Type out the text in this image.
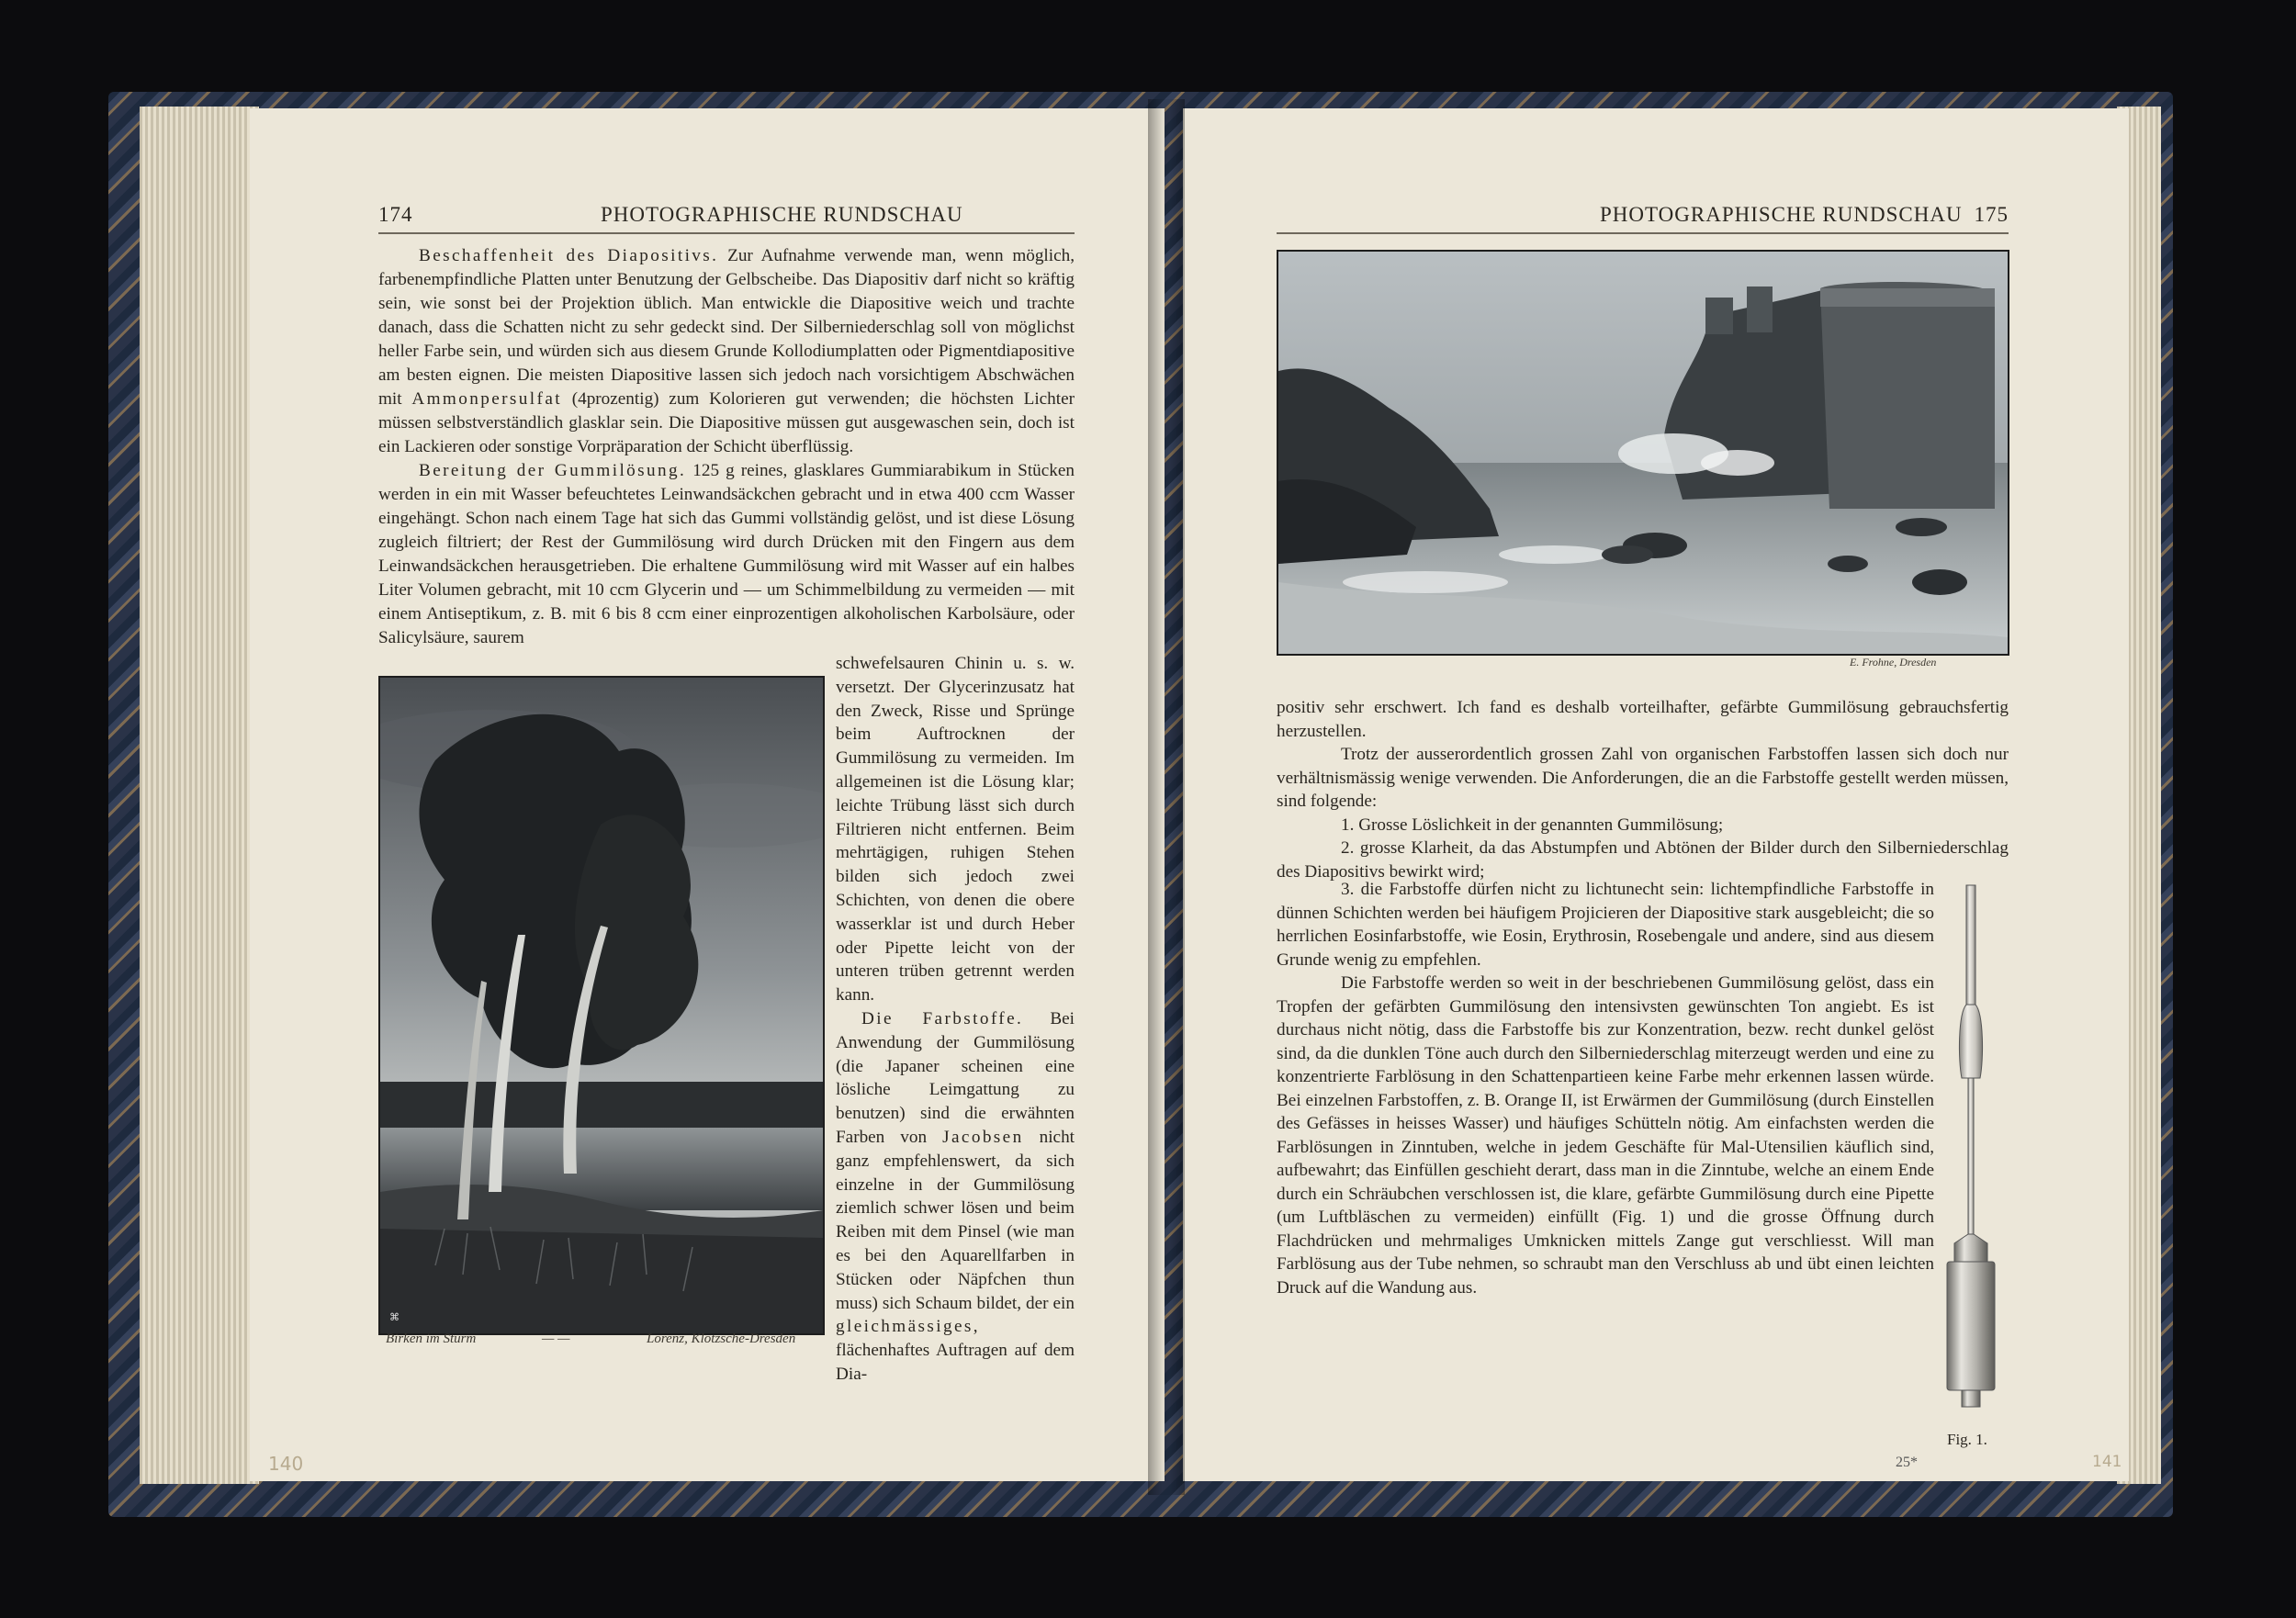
174	PHOTOGRAPHISCHE RUNDSCHAU

Beschaffenheit des Diapositivs. Zur Aufnahme verwende man, wenn möglich, farbenempfindliche Platten unter Benutzung der Gelbscheibe. Das Diapositiv darf nicht so kräftig sein, wie sonst bei der Projektion üblich. Man entwickle die Diapositive weich und trachte danach, dass die Schatten nicht zu sehr gedeckt sind. Der Silberniederschlag soll von möglichst heller Farbe sein, und würden sich aus diesem Grunde Kollodiumplatten oder Pigmentdiapositive am besten eignen. Die meisten Diapositive lassen sich jedoch nach vorsichtigem Abschwächen mit Ammonpersulfat (4prozentig) zum Kolorieren gut verwenden; die höchsten Lichter müssen selbstverständlich glasklar sein. Die Diapositive müssen gut ausgewaschen sein, doch ist ein Lackieren oder sonstige Vorpräparation der Schicht überflüssig.

Bereitung der Gummilösung. 125 g reines, glasklares Gummiarabikum in Stücken werden in ein mit Wasser befeuchtetes Leinwandsäckchen gebracht und in etwa 400 ccm Wasser eingehängt. Schon nach einem Tage hat sich das Gummi vollständig gelöst, und ist diese Lösung zugleich filtriert; der Rest der Gummilösung wird durch Drücken mit den Fingern aus dem Leinwandsäckchen herausgetrieben. Die erhaltene Gummilösung wird mit Wasser auf ein halbes Liter Volumen gebracht, mit 10 ccm Glycerin und — um Schimmelbildung zu vermeiden — mit einem Antiseptikum, z. B. mit 6 bis 8 ccm einer einprozentigen alkoholischen Karbolsäure, oder Salicylsäure, saurem

⌘
Birken im Sturm	— —	Lorenz, Klotzsche-Dresden
schwefelsauren Chinin u. s. w. versetzt. Der Glycerinzusatz hat den Zweck, Risse und Sprünge beim Auftrocknen der Gummilösung zu vermeiden. Im allgemeinen ist die Lösung klar; leichte Trübung lässt sich durch Filtrieren nicht entfernen. Beim mehrtägigen, ruhigen Stehen bilden sich jedoch zwei Schichten, von denen die obere wasserklar ist und durch Heber oder Pipette leicht von der unteren trüben getrennt werden kann.
Die Farbstoffe. Bei Anwendung der Gummilösung (die Japaner scheinen eine lösliche Leimgattung zu benutzen) sind die erwähnten Farben von Jacobsen nicht ganz empfehlenswert, da sich einzelne in der Gummilösung ziemlich schwer lösen und beim Reiben mit dem Pinsel (wie man es bei den Aquarellfarben in Stücken oder Näpfchen thun muss) sich Schaum bildet, der ein gleichmässiges, flächenhaftes Auftragen auf dem Dia-
PHOTOGRAPHISCHE RUNDSCHAU 175
E. Frohne, Dresden
positiv sehr erschwert. Ich fand es deshalb vorteilhafter, gefärbte Gummilösung gebrauchsfertig herzustellen.

Trotz der ausserordentlich grossen Zahl von organischen Farbstoffen lassen sich doch nur verhältnismässig wenige verwenden. Die Anforderungen, die an die Farbstoffe gestellt werden müssen, sind folgende:

1. Grosse Löslichkeit in der genannten Gummilösung;

2. grosse Klarheit, da das Abstumpfen und Abtönen der Bilder durch den Silberniederschlag des Diapositivs bewirkt wird;

3. die Farbstoffe dürfen nicht zu lichtunecht sein: lichtempfindliche Farbstoffe in dünnen Schichten werden bei häufigem Projicieren der Diapositive stark ausgebleicht; die so herrlichen Eosinfarbstoffe, wie Eosin, Erythrosin, Rosebengale und andere, sind aus diesem Grunde wenig zu empfehlen.

Die Farbstoffe werden so weit in der beschriebenen Gummilösung gelöst, dass ein Tropfen der gefärbten Gummilösung den intensivsten gewünschten Ton angiebt. Es ist durchaus nicht nötig, dass die Farbstoffe bis zur Konzentration, bezw. recht dunkel gelöst sind, da die dunklen Töne auch durch den Silberniederschlag miterzeugt werden und eine zu konzentrierte Farblösung in den Schattenpartieen keine Farbe mehr erkennen lassen würde. Bei einzelnen Farbstoffen, z. B. Orange II, ist Erwärmen der Gummilösung (durch Einstellen des Gefässes in heisses Wasser) und häufiges Schütteln nötig. Am einfachsten werden die Farblösungen in Zinntuben, welche in jedem Geschäfte für Mal-Utensilien käuflich sind, aufbewahrt; das Einfüllen geschieht derart, dass man in die Zinntube, welche an einem Ende durch ein Schräubchen verschlossen ist, die klare, gefärbte Gummilösung durch eine Pipette (um Luftbläschen zu vermeiden) einfüllt (Fig. 1) und die grosse Öffnung durch Flachdrücken und mehrmaliges Umknicken mittels Zange gut verschliesst. Will man Farblösung aus der Tube nehmen, so schraubt man den Verschluss ab und übt einen leichten Druck auf die Wandung aus.

Fig. 1.
25*
140	141
